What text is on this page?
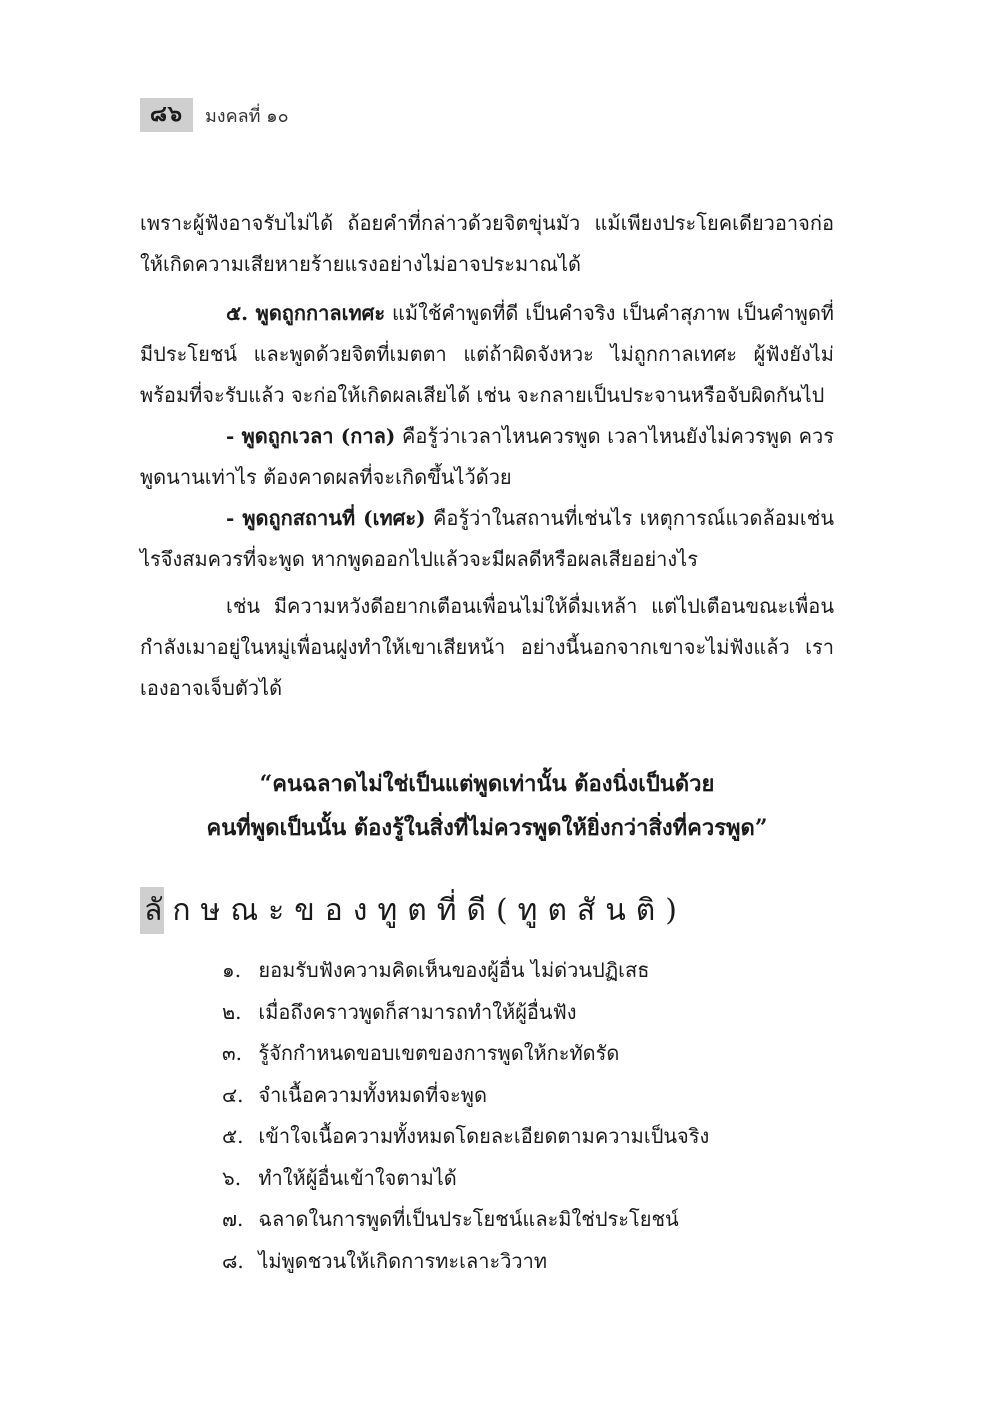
๘๖	มงคลที่ ๑๐

เพราะผู้ฟังอาจรับไม่ได้ ถ้อยคำที่กล่าวด้วยจิตขุ่นมัว แม้เพียงประโยคเดียวอาจก่อให้เกิดความเสียหายร้ายแรงอย่างไม่อาจประมาณได้

๕. พูดถูกกาลเทศะ แม้ใช้คำพูดที่ดี เป็นคำจริง เป็นคำสุภาพ เป็นคำพูดที่มีประโยชน์ และพูดด้วยจิตที่เมตตา แต่ถ้าผิดจังหวะ ไม่ถูกกาลเทศะ ผู้ฟังยังไม่พร้อมที่จะรับแล้ว จะก่อให้เกิดผลเสียได้ เช่น จะกลายเป็นประจานหรือจับผิดกันไป

- พูดถูกเวลา (กาล) คือรู้ว่าเวลาไหนควรพูด เวลาไหนยังไม่ควรพูด ควรพูดนานเท่าไร ต้องคาดผลที่จะเกิดขึ้นไว้ด้วย

- พูดถูกสถานที่ (เทศะ) คือรู้ว่าในสถานที่เช่นไร เหตุการณ์แวดล้อมเช่นไรจึงสมควรที่จะพูด หากพูดออกไปแล้วจะมีผลดีหรือผลเสียอย่างไร

เช่น มีความหวังดีอยากเตือนเพื่อนไม่ให้ดื่มเหล้า แต่ไปเตือนขณะเพื่อนกำลังเมาอยู่ในหมู่เพื่อนฝูงทำให้เขาเสียหน้า อย่างนี้นอกจากเขาจะไม่ฟังแล้ว เราเองอาจเจ็บตัวได้

“คนฉลาดไม่ใช่เป็นแต่พูดเท่านั้น ต้องนิ่งเป็นด้วย
คนที่พูดเป็นนั้น ต้องรู้ในสิ่งที่ไม่ควรพูดให้ยิ่งกว่าสิ่งที่ควรพูด”
ลั กษณะของทูตที่ดี(ทูตสันติ)
๑. ยอมรับฟังความคิดเห็นของผู้อื่น ไม่ด่วนปฏิเสธ
๒. เมื่อถึงคราวพูดก็สามารถทำให้ผู้อื่นฟัง
๓. รู้จักกำหนดขอบเขตของการพูดให้กะทัดรัด
๔. จำเนื้อความทั้งหมดที่จะพูด
๕. เข้าใจเนื้อความทั้งหมดโดยละเอียดตามความเป็นจริง
๖. ทำให้ผู้อื่นเข้าใจตามได้
๗. ฉลาดในการพูดที่เป็นประโยชน์และมิใช่ประโยชน์
๘. ไม่พูดชวนให้เกิดการทะเลาะวิวาท
